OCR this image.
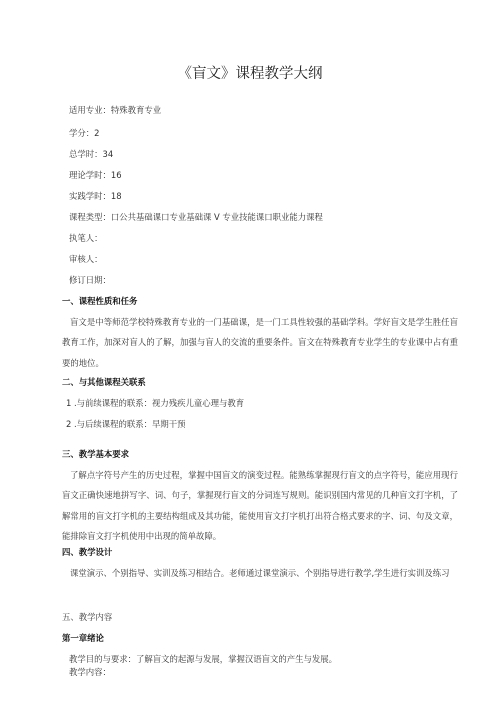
《盲文》课程教学大纲
适用专业：特殊教育专业
学分：2
总学时：34
理论学时：16
实践学时：18
课程类型：口公共基础课口专业基础课 V 专业技能课口职业能力课程
执笔人：
审核人：
修订日期：
一、课程性质和任务
盲文是中等师范学校特殊教育专业的一门基础课，是一门工具性较强的基础学科。学好盲文是学生胜任盲教育工作，加深对盲人的了解，加强与盲人的交流的重要条件。盲文在特殊教育专业学生的专业课中占有重要的地位。
二、与其他课程关联系
1 .与前续课程的联系：视力残疾儿童心理与教育
2 .与后续课程的联系：早期干预
三、教学基本要求
了解点字符号产生的历史过程，掌握中国盲文的演变过程。能熟练掌握现行盲文的点字符号，能应用现行盲文正确快速地拼写字、词、句子，掌握现行盲文的分词连写规则。能识别国内常见的几种盲文打字机，了解常用的盲文打字机的主要结构组成及其功能，能使用盲文打字机打出符合格式要求的字、词、句及文章，能排除盲文打字机使用中出现的简单故障。
四、教学设计
课堂演示、个别指导、实训及练习相结合。老师通过课堂演示、个别指导进行教学,学生进行实训及练习
五、教学内容
第一章绪论
教学目的与要求：了解盲文的起源与发展，掌握汉语盲文的产生与发展。
教学内容：
